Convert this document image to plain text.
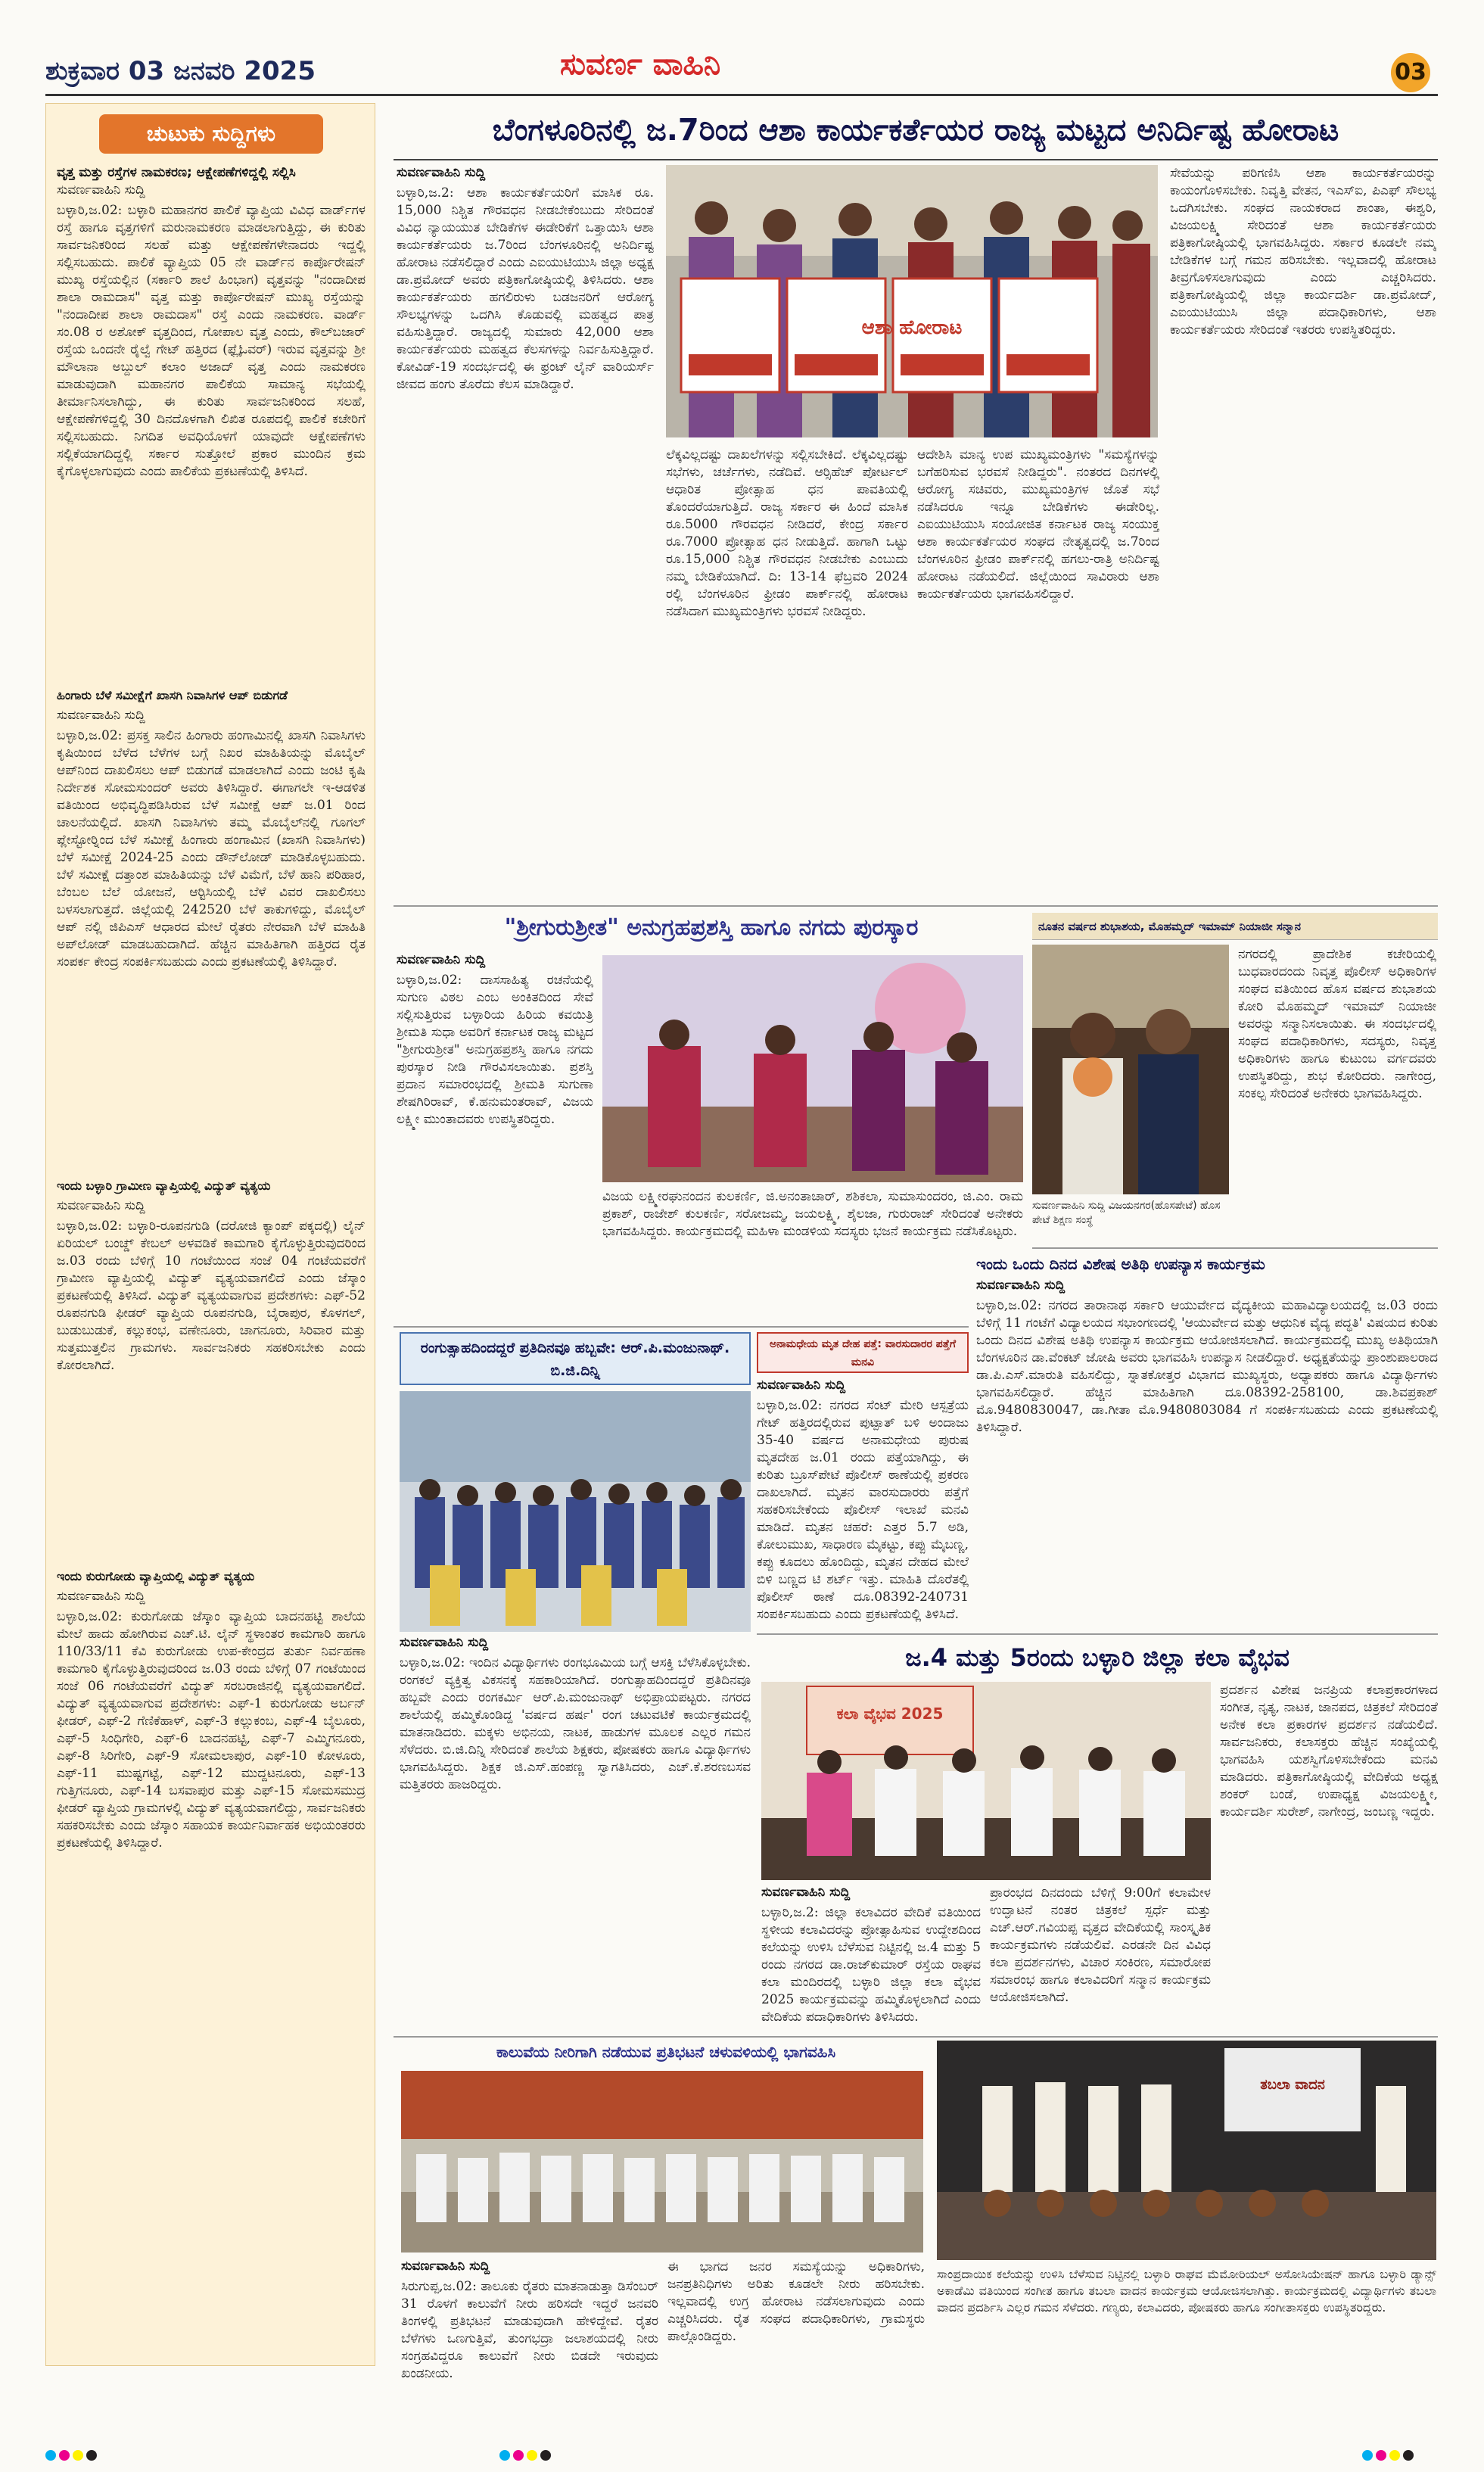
ಶುಕ್ರವಾರ 03 ಜನವರಿ 2025	ಸುವರ್ಣ ವಾಹಿನಿ	03
ಚುಟುಕು ಸುದ್ದಿಗಳು
ವೃತ್ತ ಮತ್ತು ರಸ್ತೆಗಳ ನಾಮಕರಣ; ಆಕ್ಷೇಪಣೆಗಳಿದ್ದಲ್ಲಿ ಸಲ್ಲಿಸಿ
ಸುವರ್ಣವಾಹಿನಿ ಸುದ್ದಿ
ಬಳ್ಳಾರಿ,ಜ.02: ಬಳ್ಳಾರಿ ಮಹಾನಗರ ಪಾಲಿಕೆ ವ್ಯಾಪ್ತಿಯ ವಿವಿಧ ವಾರ್ಡ್‍ಗಳ ರಸ್ತೆ ಹಾಗೂ ವೃತ್ತಗಳಿಗೆ ಮರುನಾಮಕರಣ ಮಾಡಲಾಗುತ್ತಿದ್ದು, ಈ ಕುರಿತು ಸಾರ್ವಜನಿಕರಿಂದ ಸಲಹೆ ಮತ್ತು ಆಕ್ಷೇಪಣೆಗಳೇನಾದರು ಇದ್ದಲ್ಲಿ ಸಲ್ಲಿಸಬಹುದು. ಪಾಲಿಕೆ ವ್ಯಾಪ್ತಿಯ 05 ನೇ ವಾರ್ಡ್‍ನ ಕಾರ್ಪೊರೇಷನ್ ಮುಖ್ಯ ರಸ್ತೆಯಲ್ಲಿನ (ಸರ್ಕಾರಿ ಶಾಲೆ ಹಿಂಭಾಗ) ವೃತ್ತವನ್ನು "ನಂದಾದೀಪ ಶಾಲಾ ರಾಮದಾಸ" ವೃತ್ತ ಮತ್ತು ಕಾರ್ಪೊರೇಷನ್ ಮುಖ್ಯ ರಸ್ತೆಯನ್ನು "ನಂದಾದೀಪ ಶಾಲಾ ರಾಮದಾಸ" ರಸ್ತೆ ಎಂದು ನಾಮಕರಣ. ವಾರ್ಡ್ ಸಂ.08 ರ ಅಶೋಕ್ ವೃತ್ತದಿಂದ, ಗೋಪಾಲ ವೃತ್ತ ಎಂದು, ಕೌಲ್‍ಬಜಾರ್ ರಸ್ತೆಯ ಒಂದನೇ ರೈಲ್ವೆ ಗೇಟ್ ಹತ್ತಿರದ (ಫ್ಲೈಓವರ್) ಇರುವ ವೃತ್ತವನ್ನು ಶ್ರೀ ಮೌಲಾನಾ ಅಬ್ದುಲ್ ಕಲಾಂ ಅಜಾದ್ ವೃತ್ತ ಎಂದು ನಾಮಕರಣ ಮಾಡುವುದಾಗಿ ಮಹಾನಗರ ಪಾಲಿಕೆಯ ಸಾಮಾನ್ಯ ಸಭೆಯಲ್ಲಿ ತೀರ್ಮಾನಿಸಲಾಗಿದ್ದು, ಈ ಕುರಿತು ಸಾರ್ವಜನಿಕರಿಂದ ಸಲಹೆ, ಆಕ್ಷೇಪಣೆಗಳಿದ್ದಲ್ಲಿ 30 ದಿನದೊಳಗಾಗಿ ಲಿಖಿತ ರೂಪದಲ್ಲಿ ಪಾಲಿಕೆ ಕಚೇರಿಗೆ ಸಲ್ಲಿಸಬಹುದು. ನಿಗದಿತ ಅವಧಿಯೊಳಗೆ ಯಾವುದೇ ಆಕ್ಷೇಪಣೆಗಳು ಸಲ್ಲಿಕೆಯಾಗದಿದ್ದಲ್ಲಿ ಸರ್ಕಾರ ಸುತ್ತೋಲೆ ಪ್ರಕಾರ ಮುಂದಿನ ಕ್ರಮ ಕೈಗೊಳ್ಳಲಾಗುವುದು ಎಂದು ಪಾಲಿಕೆಯ ಪ್ರಕಟಣೆಯಲ್ಲಿ ತಿಳಿಸಿದೆ.
ಹಿಂಗಾರು ಬೆಳೆ ಸಮೀಕ್ಷೆಗೆ ಖಾಸಗಿ ನಿವಾಸಿಗಳ ಆಪ್ ಬಿಡುಗಡೆ
ಸುವರ್ಣವಾಹಿನಿ ಸುದ್ದಿ
ಬಳ್ಳಾರಿ,ಜ.02: ಪ್ರಸಕ್ತ ಸಾಲಿನ ಹಿಂಗಾರು ಹಂಗಾಮಿನಲ್ಲಿ ಖಾಸಗಿ ನಿವಾಸಿಗಳು ಕೃಷಿಯಿಂದ ಬೆಳೆದ ಬೆಳೆಗಳ ಬಗ್ಗೆ ನಿಖರ ಮಾಹಿತಿಯನ್ನು ಮೊಬೈಲ್ ಆಪ್‍ನಿಂದ ದಾಖಲಿಸಲು ಆಪ್ ಬಿಡುಗಡೆ ಮಾಡಲಾಗಿದೆ ಎಂದು ಜಂಟಿ ಕೃಷಿ ನಿರ್ದೇಶಕ ಸೋಮಸುಂದರ್ ಅವರು ತಿಳಿಸಿದ್ದಾರೆ. ಈಗಾಗಲೇ ಇ-ಆಡಳಿತ ವತಿಯಿಂದ ಅಭಿವೃದ್ಧಿಪಡಿಸಿರುವ ಬೆಳೆ ಸಮೀಕ್ಷೆ ಆಪ್ ಜ.01 ರಿಂದ ಚಾಲನೆಯಲ್ಲಿದೆ. ಖಾಸಗಿ ನಿವಾಸಿಗಳು ತಮ್ಮ ಮೊಬೈಲ್‍ನಲ್ಲಿ ಗೂಗಲ್ ಪ್ಲೇಸ್ಟೋರ್‍ನಿಂದ ಬೆಳೆ ಸಮೀಕ್ಷೆ ಹಿಂಗಾರು ಹಂಗಾಮಿನ (ಖಾಸಗಿ ನಿವಾಸಿಗಳು) ಬೆಳೆ ಸಮೀಕ್ಷೆ 2024-25 ಎಂದು ಡೌನ್‍ಲೋಡ್ ಮಾಡಿಕೊಳ್ಳಬಹುದು. ಬೆಳೆ ಸಮೀಕ್ಷೆ ದತ್ತಾಂಶ ಮಾಹಿತಿಯನ್ನು ಬೆಳೆ ವಿಮೆಗೆ, ಬೆಳೆ ಹಾನಿ ಪರಿಹಾರ, ಬೆಂಬಲ ಬೆಲೆ ಯೋಜನೆ, ಆರ್‍ಟಿಸಿಯಲ್ಲಿ ಬೆಳೆ ವಿವರ ದಾಖಲಿಸಲು ಬಳಸಲಾಗುತ್ತದೆ. ಜಿಲ್ಲೆಯಲ್ಲಿ 242520 ಬೆಳೆ ತಾಕುಗಳಿದ್ದು, ಮೊಬೈಲ್ ಆಪ್ ನಲ್ಲಿ ಜಿಪಿಎಸ್ ಆಧಾರದ ಮೇಲೆ ರೈತರು ನೇರವಾಗಿ ಬೆಳೆ ಮಾಹಿತಿ ಅಪ್‍ಲೋಡ್ ಮಾಡಬಹುದಾಗಿದೆ. ಹೆಚ್ಚಿನ ಮಾಹಿತಿಗಾಗಿ ಹತ್ತಿರದ ರೈತ ಸಂಪರ್ಕ ಕೇಂದ್ರ ಸಂಪರ್ಕಿಸಬಹುದು ಎಂದು ಪ್ರಕಟಣೆಯಲ್ಲಿ ತಿಳಿಸಿದ್ದಾರೆ.
ಇಂದು ಬಳ್ಳಾರಿ ಗ್ರಾಮೀಣ ವ್ಯಾಪ್ತಿಯಲ್ಲಿ ವಿದ್ಯುತ್ ವ್ಯತ್ಯಯ
ಸುವರ್ಣವಾಹಿನಿ ಸುದ್ದಿ
ಬಳ್ಳಾರಿ,ಜ.02: ಬಳ್ಳಾರಿ-ರೂಪನಗುಡಿ (ದರೋಜಿ ಕ್ಯಾಂಪ್ ಪಕ್ಕದಲ್ಲಿ) ಲೈನ್ ಏರಿಯಲ್ ಬಂಚ್ಡ್ ಕೇಬಲ್ ಅಳವಡಿಕೆ ಕಾಮಗಾರಿ ಕೈಗೊಳ್ಳುತ್ತಿರುವುದರಿಂದ ಜ.03 ರಂದು ಬೆಳಿಗ್ಗೆ 10 ಗಂಟೆಯಿಂದ ಸಂಜೆ 04 ಗಂಟೆಯವರೆಗೆ ಗ್ರಾಮೀಣ ವ್ಯಾಪ್ತಿಯಲ್ಲಿ ವಿದ್ಯುತ್ ವ್ಯತ್ಯಯವಾಗಲಿದೆ ಎಂದು ಜೆಸ್ಕಾಂ ಪ್ರಕಟಣೆಯಲ್ಲಿ ತಿಳಿಸಿದೆ. ವಿದ್ಯುತ್ ವ್ಯತ್ಯಯವಾಗುವ ಪ್ರದೇಶಗಳು: ಎಫ್-52 ರೂಪನಗುಡಿ ಫೀಡರ್ ವ್ಯಾಪ್ತಿಯ ರೂಪನಗುಡಿ, ಬೈರಾಪುರ, ಕೊಳಗಲ್, ಬುಡುಬುಡುಕೆ, ಕಲ್ಲುಕಂಭ, ವಣೇನೂರು, ಚಾಗನೂರು, ಸಿರಿವಾರ ಮತ್ತು ಸುತ್ತಮುತ್ತಲಿನ ಗ್ರಾಮಗಳು. ಸಾರ್ವಜನಿಕರು ಸಹಕರಿಸಬೇಕು ಎಂದು ಕೋರಲಾಗಿದೆ.
ಇಂದು ಕುರುಗೋಡು ವ್ಯಾಪ್ತಿಯಲ್ಲಿ ವಿದ್ಯುತ್ ವ್ಯತ್ಯಯ
ಸುವರ್ಣವಾಹಿನಿ ಸುದ್ದಿ
ಬಳ್ಳಾರಿ,ಜ.02: ಕುರುಗೋಡು ಜೆಸ್ಕಾಂ ವ್ಯಾಪ್ತಿಯ ಬಾದನಹಟ್ಟಿ ಶಾಲೆಯ ಮೇಲೆ ಹಾದು ಹೋಗಿರುವ ಎಚ್.ಟಿ. ಲೈನ್ ಸ್ಥಳಾಂತರ ಕಾಮಗಾರಿ ಹಾಗೂ 110/33/11 ಕೆವಿ ಕುರುಗೋಡು ಉಪ-ಕೇಂದ್ರದ ತುರ್ತು ನಿರ್ವಹಣಾ ಕಾಮಗಾರಿ ಕೈಗೊಳ್ಳುತ್ತಿರುವುದರಿಂದ ಜ.03 ರಂದು ಬೆಳಿಗ್ಗೆ 07 ಗಂಟೆಯಿಂದ ಸಂಜೆ 06 ಗಂಟೆಯವರೆಗೆ ವಿದ್ಯುತ್ ಸರಬರಾಜಿನಲ್ಲಿ ವ್ಯತ್ಯಯವಾಗಲಿದೆ. ವಿದ್ಯುತ್ ವ್ಯತ್ಯಯವಾಗುವ ಪ್ರದೇಶಗಳು: ಎಫ್-1 ಕುರುಗೋಡು ಅರ್ಬನ್ ಫೀಡರ್, ಎಫ್-2 ಗೆಣಿಕೆಹಾಳ್, ಎಫ್-3 ಕಲ್ಲುಕಂಬ, ಎಫ್-4 ಬೈಲೂರು, ಎಫ್-5 ಸಿಂಧಿಗೇರಿ, ಎಫ್-6 ಬಾದನಹಟ್ಟಿ, ಎಫ್-7 ಎಮ್ಮಿಗನೂರು, ಎಫ್-8 ಸಿರಿಗೇರಿ, ಎಫ್-9 ಸೋಮಲಾಪುರ, ಎಫ್-10 ಕೋಳೂರು, ಎಫ್-11 ಮುಷ್ಟಗಟ್ಟೆ, ಎಫ್-12 ಮುದ್ದಟನೂರು, ಎಫ್-13 ಗುತ್ತಿಗನೂರು, ಎಫ್-14 ಬಸವಾಪುರ ಮತ್ತು ಎಫ್-15 ಸೋಮಸಮುದ್ರ ಫೀಡರ್ ವ್ಯಾಪ್ತಿಯ ಗ್ರಾಮಗಳಲ್ಲಿ ವಿದ್ಯುತ್ ವ್ಯತ್ಯಯವಾಗಲಿದ್ದು, ಸಾರ್ವಜನಿಕರು ಸಹಕರಿಸಬೇಕು ಎಂದು ಜೆಸ್ಕಾಂ ಸಹಾಯಕ ಕಾರ್ಯನಿರ್ವಾಹಕ ಅಭಿಯಂತರರು ಪ್ರಕಟಣೆಯಲ್ಲಿ ತಿಳಿಸಿದ್ದಾರೆ.
ಬೆಂಗಳೂರಿನಲ್ಲಿ ಜ.7ರಿಂದ ಆಶಾ ಕಾರ್ಯಕರ್ತೆಯರ ರಾಜ್ಯ ಮಟ್ಟದ ಅನಿರ್ದಿಷ್ಟ ಹೋರಾಟ
ಸುವರ್ಣವಾಹಿನಿ ಸುದ್ದಿ
ಬಳ್ಳಾರಿ,ಜ.2: ಆಶಾ ಕಾರ್ಯಕರ್ತೆಯರಿಗೆ ಮಾಸಿಕ ರೂ. 15,000 ನಿಶ್ಚಿತ ಗೌರವಧನ ನೀಡಬೇಕೆಂಬುದು ಸೇರಿದಂತೆ ವಿವಿಧ ನ್ಯಾಯಯುತ ಬೇಡಿಕೆಗಳ ಈಡೇರಿಕೆಗೆ ಒತ್ತಾಯಿಸಿ ಆಶಾ ಕಾರ್ಯಕರ್ತೆಯರು ಜ.7ರಿಂದ ಬೆಂಗಳೂರಿನಲ್ಲಿ ಅನಿರ್ದಿಷ್ಟ ಹೋರಾಟ ನಡೆಸಲಿದ್ದಾರೆ ಎಂದು ಎಐಯುಟಿಯುಸಿ ಜಿಲ್ಲಾ ಅಧ್ಯಕ್ಷ ಡಾ.ಪ್ರಮೋದ್ ಅವರು ಪತ್ರಿಕಾಗೋಷ್ಠಿಯಲ್ಲಿ ತಿಳಿಸಿದರು. ಆಶಾ ಕಾರ್ಯಕರ್ತೆಯರು ಹಗಲಿರುಳು ಬಡಜನರಿಗೆ ಆರೋಗ್ಯ ಸೌಲಭ್ಯಗಳನ್ನು ಒದಗಿಸಿ ಕೊಡುವಲ್ಲಿ ಮಹತ್ವದ ಪಾತ್ರ ವಹಿಸುತ್ತಿದ್ದಾರೆ. ರಾಜ್ಯದಲ್ಲಿ ಸುಮಾರು 42,000 ಆಶಾ ಕಾರ್ಯಕರ್ತೆಯರು ಮಹತ್ವದ ಕೆಲಸಗಳನ್ನು ನಿರ್ವಹಿಸುತ್ತಿದ್ದಾರೆ. ಕೋವಿಡ್-19 ಸಂದರ್ಭದಲ್ಲಿ ಈ ಫ್ರಂಟ್ ಲೈನ್ ವಾರಿಯರ್ಸ್ ಜೀವದ ಹಂಗು ತೊರೆದು ಕೆಲಸ ಮಾಡಿದ್ದಾರೆ.
ಆಶಾ ಹೋರಾಟ
ಲೆಕ್ಕವಿಲ್ಲದಷ್ಟು ದಾಖಲೆಗಳನ್ನು ಸಲ್ಲಿಸಬೇಕಿದೆ. ಲೆಕ್ಕವಿಲ್ಲದಷ್ಟು ಸಭೆಗಳು, ಚರ್ಚೆಗಳು, ನಡೆದಿವೆ. ಆರ್‍ಸಿಹೆಚ್ ಪೋರ್ಟಲ್ ಆಧಾರಿತ ಪ್ರೋತ್ಸಾಹ ಧನ ಪಾವತಿಯಲ್ಲಿ ತೊಂದರೆಯಾಗುತ್ತಿದೆ. ರಾಜ್ಯ ಸರ್ಕಾರ ಈ ಹಿಂದೆ ಮಾಸಿಕ ರೂ.5000 ಗೌರವಧನ ನೀಡಿದರೆ, ಕೇಂದ್ರ ಸರ್ಕಾರ ರೂ.7000 ಪ್ರೋತ್ಸಾಹ ಧನ ನೀಡುತ್ತಿದೆ. ಹಾಗಾಗಿ ಒಟ್ಟು ರೂ.15,000 ನಿಶ್ಚಿತ ಗೌರವಧನ ನೀಡಬೇಕು ಎಂಬುದು ನಮ್ಮ ಬೇಡಿಕೆಯಾಗಿದೆ. ದಿ: 13-14 ಫೆಬ್ರವರಿ 2024 ರಲ್ಲಿ ಬೆಂಗಳೂರಿನ ಫ್ರೀಡಂ ಪಾರ್ಕ್‍ನಲ್ಲಿ ಹೋರಾಟ ನಡೆಸಿದಾಗ ಮುಖ್ಯಮಂತ್ರಿಗಳು ಭರವಸೆ ನೀಡಿದ್ದರು.
ಆದೇಶಿಸಿ ಮಾನ್ಯ ಉಪ ಮುಖ್ಯಮಂತ್ರಿಗಳು "ಸಮಸ್ಯೆಗಳನ್ನು ಬಗೆಹರಿಸುವ ಭರವಸೆ ನೀಡಿದ್ದರು". ನಂತರದ ದಿನಗಳಲ್ಲಿ ಆರೋಗ್ಯ ಸಚಿವರು, ಮುಖ್ಯಮಂತ್ರಿಗಳ ಜೊತೆ ಸಭೆ ನಡೆಸಿದರೂ ಇನ್ನೂ ಬೇಡಿಕೆಗಳು ಈಡೇರಿಲ್ಲ. ಎಐಯುಟಿಯುಸಿ ಸಂಯೋಜಿತ ಕರ್ನಾಟಕ ರಾಜ್ಯ ಸಂಯುಕ್ತ ಆಶಾ ಕಾರ್ಯಕರ್ತೆಯರ ಸಂಘದ ನೇತೃತ್ವದಲ್ಲಿ ಜ.7ರಿಂದ ಬೆಂಗಳೂರಿನ ಫ್ರೀಡಂ ಪಾರ್ಕ್‍ನಲ್ಲಿ ಹಗಲು-ರಾತ್ರಿ ಅನಿರ್ದಿಷ್ಟ ಹೋರಾಟ ನಡೆಯಲಿದೆ. ಜಿಲ್ಲೆಯಿಂದ ಸಾವಿರಾರು ಆಶಾ ಕಾರ್ಯಕರ್ತೆಯರು ಭಾಗವಹಿಸಲಿದ್ದಾರೆ.
ಸೇವೆಯನ್ನು ಪರಿಗಣಿಸಿ ಆಶಾ ಕಾರ್ಯಕರ್ತೆಯರನ್ನು ಕಾಯಂಗೊಳಿಸಬೇಕು. ನಿವೃತ್ತಿ ವೇತನ, ಇಎಸ್‍ಐ, ಪಿಎಫ್ ಸೌಲಭ್ಯ ಒದಗಿಸಬೇಕು. ಸಂಘದ ನಾಯಕರಾದ ಶಾಂತಾ, ಈಶ್ವರಿ, ವಿಜಯಲಕ್ಷ್ಮಿ ಸೇರಿದಂತೆ ಆಶಾ ಕಾರ್ಯಕರ್ತೆಯರು ಪತ್ರಿಕಾಗೋಷ್ಠಿಯಲ್ಲಿ ಭಾಗವಹಿಸಿದ್ದರು. ಸರ್ಕಾರ ಕೂಡಲೇ ನಮ್ಮ ಬೇಡಿಕೆಗಳ ಬಗ್ಗೆ ಗಮನ ಹರಿಸಬೇಕು. ಇಲ್ಲವಾದಲ್ಲಿ ಹೋರಾಟ ತೀವ್ರಗೊಳಿಸಲಾಗುವುದು ಎಂದು ಎಚ್ಚರಿಸಿದರು. ಪತ್ರಿಕಾಗೋಷ್ಠಿಯಲ್ಲಿ ಜಿಲ್ಲಾ ಕಾರ್ಯದರ್ಶಿ ಡಾ.ಪ್ರಮೋದ್, ಎಐಯುಟಿಯುಸಿ ಜಿಲ್ಲಾ ಪದಾಧಿಕಾರಿಗಳು, ಆಶಾ ಕಾರ್ಯಕರ್ತೆಯರು ಸೇರಿದಂತೆ ಇತರರು ಉಪಸ್ಥಿತರಿದ್ದರು.
"ಶ್ರೀಗುರುಶ್ರೀತ" ಅನುಗ್ರಹಪ್ರಶಸ್ತಿ ಹಾಗೂ ನಗದು ಪುರಸ್ಕಾರ
ಸುವರ್ಣವಾಹಿನಿ ಸುದ್ದಿ
ಬಳ್ಳಾರಿ,ಜ.02: ದಾಸಸಾಹಿತ್ಯ ರಚನೆಯಲ್ಲಿ ಸುಗುಣ ವಿಠಲ ಎಂಬ ಅಂಕಿತದಿಂದ ಸೇವೆ ಸಲ್ಲಿಸುತ್ತಿರುವ ಬಳ್ಳಾರಿಯ ಹಿರಿಯ ಕವಯಿತ್ರಿ ಶ್ರೀಮತಿ ಸುಧಾ ಅವರಿಗೆ ಕರ್ನಾಟಕ ರಾಜ್ಯ ಮಟ್ಟದ "ಶ್ರೀಗುರುಶ್ರೀತ" ಅನುಗ್ರಹಪ್ರಶಸ್ತಿ ಹಾಗೂ ನಗದು ಪುರಸ್ಕಾರ ನೀಡಿ ಗೌರವಿಸಲಾಯಿತು. ಪ್ರಶಸ್ತಿ ಪ್ರದಾನ ಸಮಾರಂಭದಲ್ಲಿ ಶ್ರೀಮತಿ ಸುಗುಣಾ ಶೇಷಗಿರಿರಾವ್, ಕೆ.ಹನುಮಂತರಾವ್, ವಿಜಯ ಲಕ್ಷ್ಮೀ ಮುಂತಾದವರು ಉಪಸ್ಥಿತರಿದ್ದರು.
ವಿಜಯ ಲಕ್ಷ್ಮೀರಘುನಂದನ ಕುಲಕರ್ಣಿ, ಜಿ.ಅನಂತಾಚಾರ್, ಶಶಿಕಲಾ, ಸುಮಾಸುಂದರಂ, ಜಿ.ಎಂ. ರಾಮ ಪ್ರಕಾಶ್, ರಾಜೇಶ್ ಕುಲಕರ್ಣಿ, ಸರೋಜಮ್ಮ, ಜಯಲಕ್ಷ್ಮಿ, ಶೈಲಜಾ, ಗುರುರಾಜ್ ಸೇರಿದಂತೆ ಅನೇಕರು ಭಾಗವಹಿಸಿದ್ದರು. ಕಾರ್ಯಕ್ರಮದಲ್ಲಿ ಮಹಿಳಾ ಮಂಡಳಿಯ ಸದಸ್ಯರು ಭಜನೆ ಕಾರ್ಯಕ್ರಮ ನಡೆಸಿಕೊಟ್ಟರು.
ನೂತನ ವರ್ಷದ ಶುಭಾಶಯ, ಮೊಹಮ್ಮದ್ ಇಮಾಮ್ ನಿಯಾಜೀ ಸನ್ಮಾನ
ಸುವರ್ಣವಾಹಿನಿ ಸುದ್ದಿ ವಿಜಯನಗರ(ಹೊಸಪೇಟೆ) ಹೊಸ ಪೇಟೆ ಶಿಕ್ಷಣ ಸಂಸ್ಥೆ
ನಗರದಲ್ಲಿ ಪ್ರಾದೇಶಿಕ ಕಚೇರಿಯಲ್ಲಿ ಬುಧವಾರದಂದು ನಿವೃತ್ತ ಪೊಲೀಸ್ ಅಧಿಕಾರಿಗಳ ಸಂಘದ ವತಿಯಿಂದ ಹೊಸ ವರ್ಷದ ಶುಭಾಶಯ ಕೋರಿ ಮೊಹಮ್ಮದ್ ಇಮಾಮ್ ನಿಯಾಜೀ ಅವರನ್ನು ಸನ್ಮಾನಿಸಲಾಯಿತು. ಈ ಸಂದರ್ಭದಲ್ಲಿ ಸಂಘದ ಪದಾಧಿಕಾರಿಗಳು, ಸದಸ್ಯರು, ನಿವೃತ್ತ ಅಧಿಕಾರಿಗಳು ಹಾಗೂ ಕುಟುಂಬ ವರ್ಗದವರು ಉಪಸ್ಥಿತರಿದ್ದು, ಶುಭ ಕೋರಿದರು. ನಾಗೇಂದ್ರ, ಸಂಕಲ್ಪ ಸೇರಿದಂತೆ ಅನೇಕರು ಭಾಗವಹಿಸಿದ್ದರು.
ಇಂದು ಒಂದು ದಿನದ ವಿಶೇಷ ಅತಿಥಿ ಉಪನ್ಯಾಸ ಕಾರ್ಯಕ್ರಮ
ಸುವರ್ಣವಾಹಿನಿ ಸುದ್ದಿ
ಬಳ್ಳಾರಿ,ಜ.02: ನಗರದ ತಾರಾನಾಥ ಸರ್ಕಾರಿ ಆಯುರ್ವೇದ ವೈದ್ಯಕೀಯ ಮಹಾವಿದ್ಯಾಲಯದಲ್ಲಿ ಜ.03 ರಂದು ಬೆಳಿಗ್ಗೆ 11 ಗಂಟೆಗೆ ವಿದ್ಯಾಲಯದ ಸಭಾಂಗಣದಲ್ಲಿ 'ಆಯುರ್ವೇದ ಮತ್ತು ಆಧುನಿಕ ವೈದ್ಯ ಪದ್ಧತಿ' ವಿಷಯದ ಕುರಿತು ಒಂದು ದಿನದ ವಿಶೇಷ ಅತಿಥಿ ಉಪನ್ಯಾಸ ಕಾರ್ಯಕ್ರಮ ಆಯೋಜಿಸಲಾಗಿದೆ. ಕಾರ್ಯಕ್ರಮದಲ್ಲಿ ಮುಖ್ಯ ಅತಿಥಿಯಾಗಿ ಬೆಂಗಳೂರಿನ ಡಾ.ವೆಂಕಟ್ ಜೋಷಿ ಅವರು ಭಾಗವಹಿಸಿ ಉಪನ್ಯಾಸ ನೀಡಲಿದ್ದಾರೆ. ಅಧ್ಯಕ್ಷತೆಯನ್ನು ಪ್ರಾಂಶುಪಾಲರಾದ ಡಾ.ಪಿ.ಎಸ್.ಮಾರುತಿ ವಹಿಸಲಿದ್ದು, ಸ್ನಾತಕೋತ್ತರ ವಿಭಾಗದ ಮುಖ್ಯಸ್ಥರು, ಅಧ್ಯಾಪಕರು ಹಾಗೂ ವಿದ್ಯಾರ್ಥಿಗಳು ಭಾಗವಹಿಸಲಿದ್ದಾರೆ. ಹೆಚ್ಚಿನ ಮಾಹಿತಿಗಾಗಿ ದೂ.08392-258100, ಡಾ.ಶಿವಪ್ರಕಾಶ್ ಮೊ.9480830047, ಡಾ.ಗೀತಾ ಮೊ.9480803084 ಗೆ ಸಂಪರ್ಕಿಸಬಹುದು ಎಂದು ಪ್ರಕಟಣೆಯಲ್ಲಿ ತಿಳಿಸಿದ್ದಾರೆ.
ರಂಗುತ್ಸಾಹದಿಂದದ್ದರೆ ಪ್ರತಿದಿನವೂ ಹಬ್ಬವೇ: ಆರ್.ಪಿ.ಮಂಜುನಾಥ್. ಬಿ.ಜಿ.ದಿನ್ನಿ
ಸುವರ್ಣವಾಹಿನಿ ಸುದ್ದಿ
ಬಳ್ಳಾರಿ,ಜ.02: ಇಂದಿನ ವಿದ್ಯಾರ್ಥಿಗಳು ರಂಗಭೂಮಿಯ ಬಗ್ಗೆ ಆಸಕ್ತಿ ಬೆಳೆಸಿಕೊಳ್ಳಬೇಕು. ರಂಗಕಲೆ ವ್ಯಕ್ತಿತ್ವ ವಿಕಸನಕ್ಕೆ ಸಹಕಾರಿಯಾಗಿದೆ. ರಂಗುತ್ಸಾಹದಿಂದದ್ದರೆ ಪ್ರತಿದಿನವೂ ಹಬ್ಬವೇ ಎಂದು ರಂಗಕರ್ಮಿ ಆರ್.ಪಿ.ಮಂಜುನಾಥ್ ಅಭಿಪ್ರಾಯಪಟ್ಟರು. ನಗರದ ಶಾಲೆಯಲ್ಲಿ ಹಮ್ಮಿಕೊಂಡಿದ್ದ 'ವರ್ಷದ ಹರ್ಷ' ರಂಗ ಚಟುವಟಿಕೆ ಕಾರ್ಯಕ್ರಮದಲ್ಲಿ ಮಾತನಾಡಿದರು. ಮಕ್ಕಳು ಅಭಿನಯ, ನಾಟಕ, ಹಾಡುಗಳ ಮೂಲಕ ಎಲ್ಲರ ಗಮನ ಸೆಳೆದರು. ಬಿ.ಜಿ.ದಿನ್ನಿ ಸೇರಿದಂತೆ ಶಾಲೆಯ ಶಿಕ್ಷಕರು, ಪೋಷಕರು ಹಾಗೂ ವಿದ್ಯಾರ್ಥಿಗಳು ಭಾಗವಹಿಸಿದ್ದರು. ಶಿಕ್ಷಕ ಜಿ.ಎಸ್.ಹಂಪಣ್ಣ ಸ್ವಾಗತಿಸಿದರು, ಎಚ್.ಕೆ.ಶರಣಬಸವ ಮತ್ತಿತರರು ಹಾಜರಿದ್ದರು.
ಅನಾಮಧೇಯ ಮೃತ ದೇಹ ಪತ್ತೆ: ವಾರಸುದಾರರ ಪತ್ತೆಗೆ ಮನವಿ
ಸುವರ್ಣವಾಹಿನಿ ಸುದ್ದಿ
ಬಳ್ಳಾರಿ,ಜ.02: ನಗರದ ಸೆಂಟ್ ಮೇರಿ ಆಸ್ಪತ್ರೆಯ ಗೇಟ್ ಹತ್ತಿರದಲ್ಲಿರುವ ಪುಟ್ಪಾತ್ ಬಳಿ ಅಂದಾಜು 35-40 ವರ್ಷದ ಅನಾಮಧೇಯ ಪುರುಷ ಮೃತದೇಹ ಜ.01 ರಂದು ಪತ್ತೆಯಾಗಿದ್ದು, ಈ ಕುರಿತು ಬ್ರೂಸ್‍ಪೇಟೆ ಪೊಲೀಸ್ ಠಾಣೆಯಲ್ಲಿ ಪ್ರಕರಣ ದಾಖಲಾಗಿದೆ. ಮೃತನ ವಾರಸುದಾರರು ಪತ್ತೆಗೆ ಸಹಕರಿಸಬೇಕೆಂದು ಪೊಲೀಸ್ ಇಲಾಖೆ ಮನವಿ ಮಾಡಿದೆ. ಮೃತನ ಚಹರೆ: ಎತ್ತರ 5.7 ಅಡಿ, ಕೋಲುಮುಖ, ಸಾಧಾರಣ ಮೈಕಟ್ಟು, ಕಪ್ಪು ಮೈಬಣ್ಣ, ಕಪ್ಪು ಕೂದಲು ಹೊಂದಿದ್ದು, ಮೃತನ ದೇಹದ ಮೇಲೆ ಬಿಳಿ ಬಣ್ಣದ ಟಿ ಶರ್ಟ್ ಇತ್ತು. ಮಾಹಿತಿ ದೊರೆತಲ್ಲಿ ಪೊಲೀಸ್ ಠಾಣೆ ದೂ.08392-240731 ಸಂಪರ್ಕಿಸಬಹುದು ಎಂದು ಪ್ರಕಟಣೆಯಲ್ಲಿ ತಿಳಿಸಿದೆ.
ಜ.4 ಮತ್ತು 5ರಂದು ಬಳ್ಳಾರಿ ಜಿಲ್ಲಾ ಕಲಾ ವೈಭವ
ಕಲಾ ವೈಭವ 2025
ಪ್ರದರ್ಶನ ವಿಶೇಷ ಜನಪ್ರಿಯ ಕಲಾಪ್ರಕಾರಗಳಾದ ಸಂಗೀತ, ನೃತ್ಯ, ನಾಟಕ, ಜಾನಪದ, ಚಿತ್ರಕಲೆ ಸೇರಿದಂತೆ ಅನೇಕ ಕಲಾ ಪ್ರಕಾರಗಳ ಪ್ರದರ್ಶನ ನಡೆಯಲಿದೆ. ಸಾರ್ವಜನಿಕರು, ಕಲಾಸಕ್ತರು ಹೆಚ್ಚಿನ ಸಂಖ್ಯೆಯಲ್ಲಿ ಭಾಗವಹಿಸಿ ಯಶಸ್ವಿಗೊಳಿಸಬೇಕೆಂದು ಮನವಿ ಮಾಡಿದರು. ಪತ್ರಿಕಾಗೋಷ್ಠಿಯಲ್ಲಿ ವೇದಿಕೆಯ ಅಧ್ಯಕ್ಷ ಶಂಕರ್ ಬಂಡೆ, ಉಪಾಧ್ಯಕ್ಷ ವಿಜಯಲಕ್ಷ್ಮೀ, ಕಾರ್ಯದರ್ಶಿ ಸುರೇಶ್, ನಾಗೇಂದ್ರ, ಜಂಬಣ್ಣ ಇದ್ದರು.
ಸುವರ್ಣವಾಹಿನಿ ಸುದ್ದಿ
ಬಳ್ಳಾರಿ,ಜ.2: ಜಿಲ್ಲಾ ಕಲಾವಿದರ ವೇದಿಕೆ ವತಿಯಿಂದ ಸ್ಥಳೀಯ ಕಲಾವಿದರನ್ನು ಪ್ರೋತ್ಸಾಹಿಸುವ ಉದ್ದೇಶದಿಂದ ಕಲೆಯನ್ನು ಉಳಿಸಿ ಬೆಳೆಸುವ ನಿಟ್ಟಿನಲ್ಲಿ ಜ.4 ಮತ್ತು 5 ರಂದು ನಗರದ ಡಾ.ರಾಜ್‍ಕುಮಾರ್ ರಸ್ತೆಯ ರಾಘವ ಕಲಾ ಮಂದಿರದಲ್ಲಿ ಬಳ್ಳಾರಿ ಜಿಲ್ಲಾ ಕಲಾ ವೈಭವ 2025 ಕಾರ್ಯಕ್ರಮವನ್ನು ಹಮ್ಮಿಕೊಳ್ಳಲಾಗಿದೆ ಎಂದು ವೇದಿಕೆಯ ಪದಾಧಿಕಾರಿಗಳು ತಿಳಿಸಿದರು.
ಪ್ರಾರಂಭದ ದಿನದಂದು ಬೆಳಿಗ್ಗೆ 9:00ಗೆ ಕಲಾಮೇಳ ಉದ್ಘಾಟನೆ ನಂತರ ಚಿತ್ರಕಲೆ ಸ್ಪರ್ಧೆ ಮತ್ತು ಎಚ್.ಆರ್.ಗವಿಯಪ್ಪ ವೃತ್ತದ ವೇದಿಕೆಯಲ್ಲಿ ಸಾಂಸ್ಕೃತಿಕ ಕಾರ್ಯಕ್ರಮಗಳು ನಡೆಯಲಿವೆ. ಎರಡನೇ ದಿನ ವಿವಿಧ ಕಲಾ ಪ್ರದರ್ಶನಗಳು, ವಿಚಾರ ಸಂಕಿರಣ, ಸಮಾರೋಪ ಸಮಾರಂಭ ಹಾಗೂ ಕಲಾವಿದರಿಗೆ ಸನ್ಮಾನ ಕಾರ್ಯಕ್ರಮ ಆಯೋಜಿಸಲಾಗಿದೆ.
ಕಾಲುವೆಯ ನೀರಿಗಾಗಿ ನಡೆಯುವ ಪ್ರತಿಭಟನೆ ಚಳುವಳಿಯಲ್ಲಿ ಭಾಗವಹಿಸಿ
ಸುವರ್ಣವಾಹಿನಿ ಸುದ್ದಿ
ಸಿರುಗುಪ್ಪ,ಜ.02: ತಾಲೂಕು ರೈತರು ಮಾತನಾಡುತ್ತಾ ಡಿಸೆಂಬರ್ 31 ರೊಳಗೆ ಕಾಲುವೆಗೆ ನೀರು ಹರಿಸದೇ ಇದ್ದರೆ ಜನವರಿ ತಿಂಗಳಲ್ಲಿ ಪ್ರತಿಭಟನೆ ಮಾಡುವುದಾಗಿ ಹೇಳಿದ್ದೇವೆ. ರೈತರ ಬೆಳೆಗಳು ಒಣಗುತ್ತಿವೆ, ತುಂಗಭದ್ರಾ ಜಲಾಶಯದಲ್ಲಿ ನೀರು ಸಂಗ್ರಹವಿದ್ದರೂ ಕಾಲುವೆಗೆ ನೀರು ಬಿಡದೇ ಇರುವುದು ಖಂಡನೀಯ.
ಈ ಭಾಗದ ಜನರ ಸಮಸ್ಯೆಯನ್ನು ಅಧಿಕಾರಿಗಳು, ಜನಪ್ರತಿನಿಧಿಗಳು ಅರಿತು ಕೂಡಲೇ ನೀರು ಹರಿಸಬೇಕು. ಇಲ್ಲವಾದಲ್ಲಿ ಉಗ್ರ ಹೋರಾಟ ನಡೆಸಲಾಗುವುದು ಎಂದು ಎಚ್ಚರಿಸಿದರು. ರೈತ ಸಂಘದ ಪದಾಧಿಕಾರಿಗಳು, ಗ್ರಾಮಸ್ಥರು ಪಾಲ್ಗೊಂಡಿದ್ದರು.
ತಬಲಾ ವಾದನ
ಸಾಂಪ್ರದಾಯಿಕ ಕಲೆಯನ್ನು ಉಳಿಸಿ ಬೆಳೆಸುವ ನಿಟ್ಟಿನಲ್ಲಿ ಬಳ್ಳಾರಿ ರಾಘವ ಮೆಮೋರಿಯಲ್ ಅಸೋಸಿಯೇಷನ್ ಹಾಗೂ ಬಳ್ಳಾರಿ ಡ್ಯಾನ್ಸ್ ಅಕಾಡೆಮಿ ವತಿಯಿಂದ ಸಂಗೀತ ಹಾಗೂ ತಬಲಾ ವಾದನ ಕಾರ್ಯಕ್ರಮ ಆಯೋಜಿಸಲಾಗಿತ್ತು. ಕಾರ್ಯಕ್ರಮದಲ್ಲಿ ವಿದ್ಯಾರ್ಥಿಗಳು ತಬಲಾ ವಾದನ ಪ್ರದರ್ಶಿಸಿ ಎಲ್ಲರ ಗಮನ ಸೆಳೆದರು. ಗಣ್ಯರು, ಕಲಾವಿದರು, ಪೋಷಕರು ಹಾಗೂ ಸಂಗೀತಾಸಕ್ತರು ಉಪಸ್ಥಿತರಿದ್ದರು.
